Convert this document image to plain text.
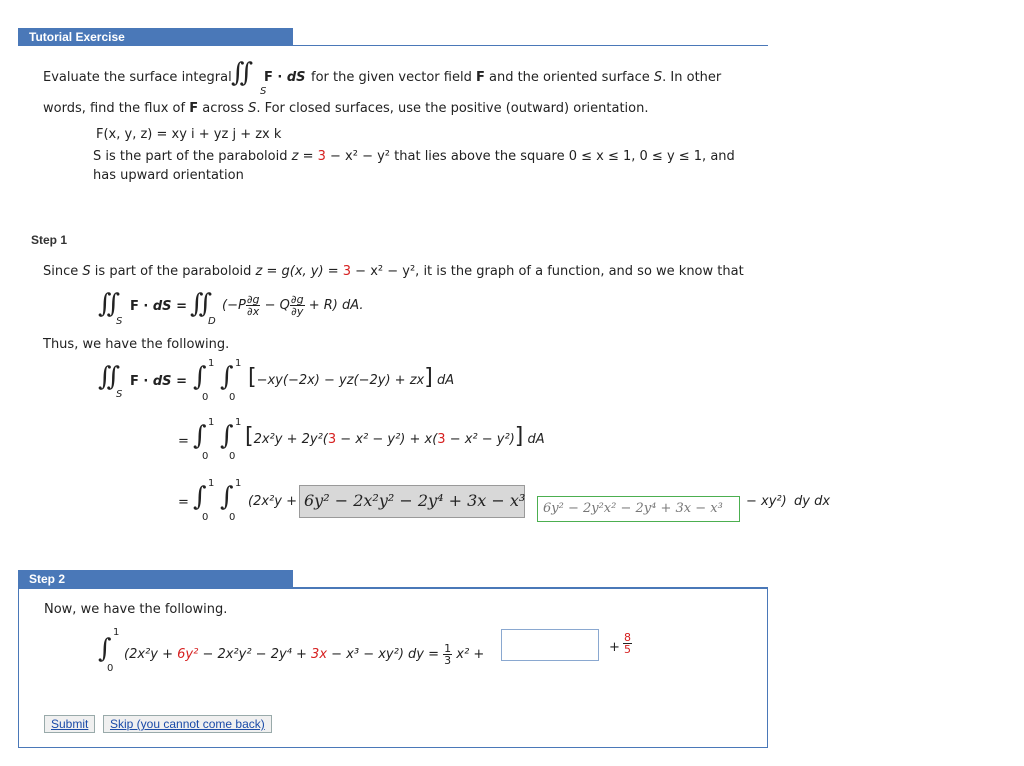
Tutorial Exercise
Evaluate the surface integral ∬
S
F · dS for the given vector field F and the oriented surface S. In other
words, find the flux of F across S. For closed surfaces, use the positive (outward) orientation.
F(x, y, z) = xy i + yz j + zx k
S is the part of the paraboloid z = 3 − x² − y² that lies above the square 0 ≤ x ≤ 1, 0 ≤ y ≤ 1, and
has upward orientation
Step 1
Since S is part of the paraboloid z = g(x, y) = 3 − x² − y², it is the graph of a function, and so we know that
∬
S
F · dS = ∬
D
$(-P \frac{\partial g}{\partial x} - Q \frac{\partial g}{\partial y} + R)$ dA.
Thus, we have the following.
∬
S
F · dS = ∫ 1
0
∫ 1
0
[−xy(−2x) − yz(−2y) + zx] dA
= ∫ 1
0
∫ 1
0
[2x²y + 2y²(3 − x² − y²) + x(3 − x² − y²)] dA
= ∫ 1
0
∫ 1
0
(2x²y + 6y² − 2x²y² − 2y⁴ + 3x − x³	6y² − 2y²x² − 2y⁴ + 3x − x³	− xy²) dy dx
Step 2
Now, we have the following.
∫
1
0
(2x²y + 6y² − 2x²y² − 2y⁴ + 3x − x³ − xy²) dy = $\frac{1}{3} x^2$ +	+ $\frac{8}{5}$
Submit	Skip (you cannot come back)
